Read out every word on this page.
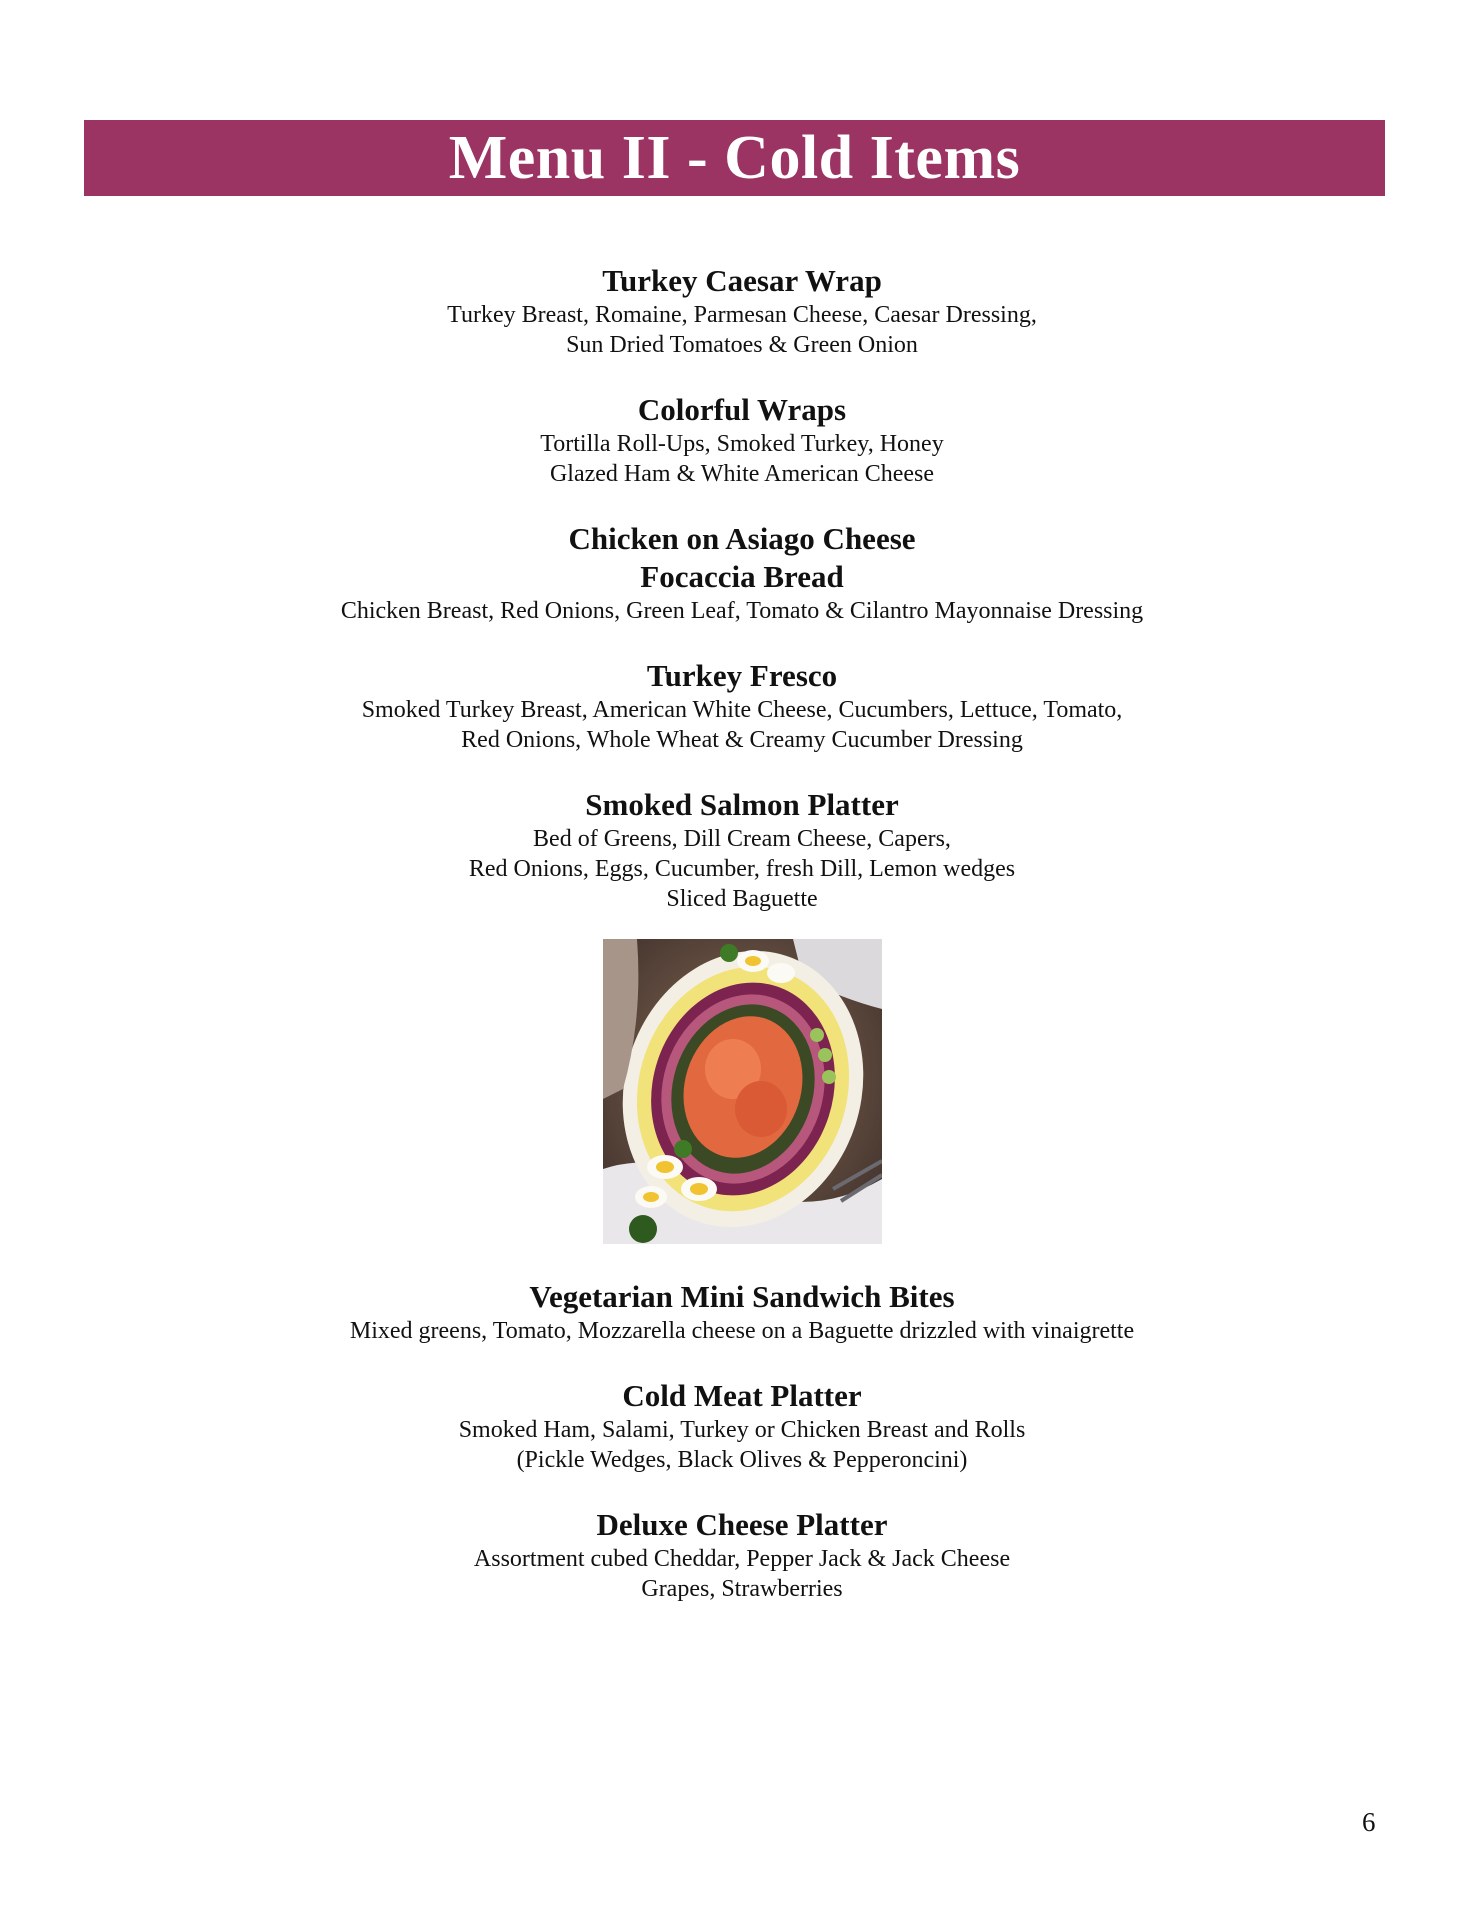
Menu II - Cold Items

Turkey Caesar Wrap

Turkey Breast, Romaine, Parmesan Cheese, Caesar Dressing,

Sun Dried Tomatoes & Green Onion

Colorful Wraps

Tortilla Roll-Ups, Smoked Turkey, Honey

Glazed Ham & White American Cheese

Chicken on Asiago Cheese

Focaccia Bread

Chicken Breast, Red Onions, Green Leaf, Tomato & Cilantro Mayonnaise Dressing

Turkey Fresco

Smoked Turkey Breast, American White Cheese, Cucumbers, Lettuce, Tomato,

Red Onions, Whole Wheat & Creamy Cucumber Dressing

Smoked Salmon Platter

Bed of Greens, Dill Cream Cheese, Capers,

Red Onions, Eggs, Cucumber, fresh Dill, Lemon wedges

Sliced Baguette

Vegetarian Mini Sandwich Bites

Mixed greens, Tomato, Mozzarella cheese on a Baguette drizzled with vinaigrette

Cold Meat Platter

Smoked Ham, Salami, Turkey or Chicken Breast and Rolls

(Pickle Wedges, Black Olives & Pepperoncini)

Deluxe Cheese Platter

Assortment cubed Cheddar, Pepper Jack & Jack Cheese

Grapes, Strawberries

6
